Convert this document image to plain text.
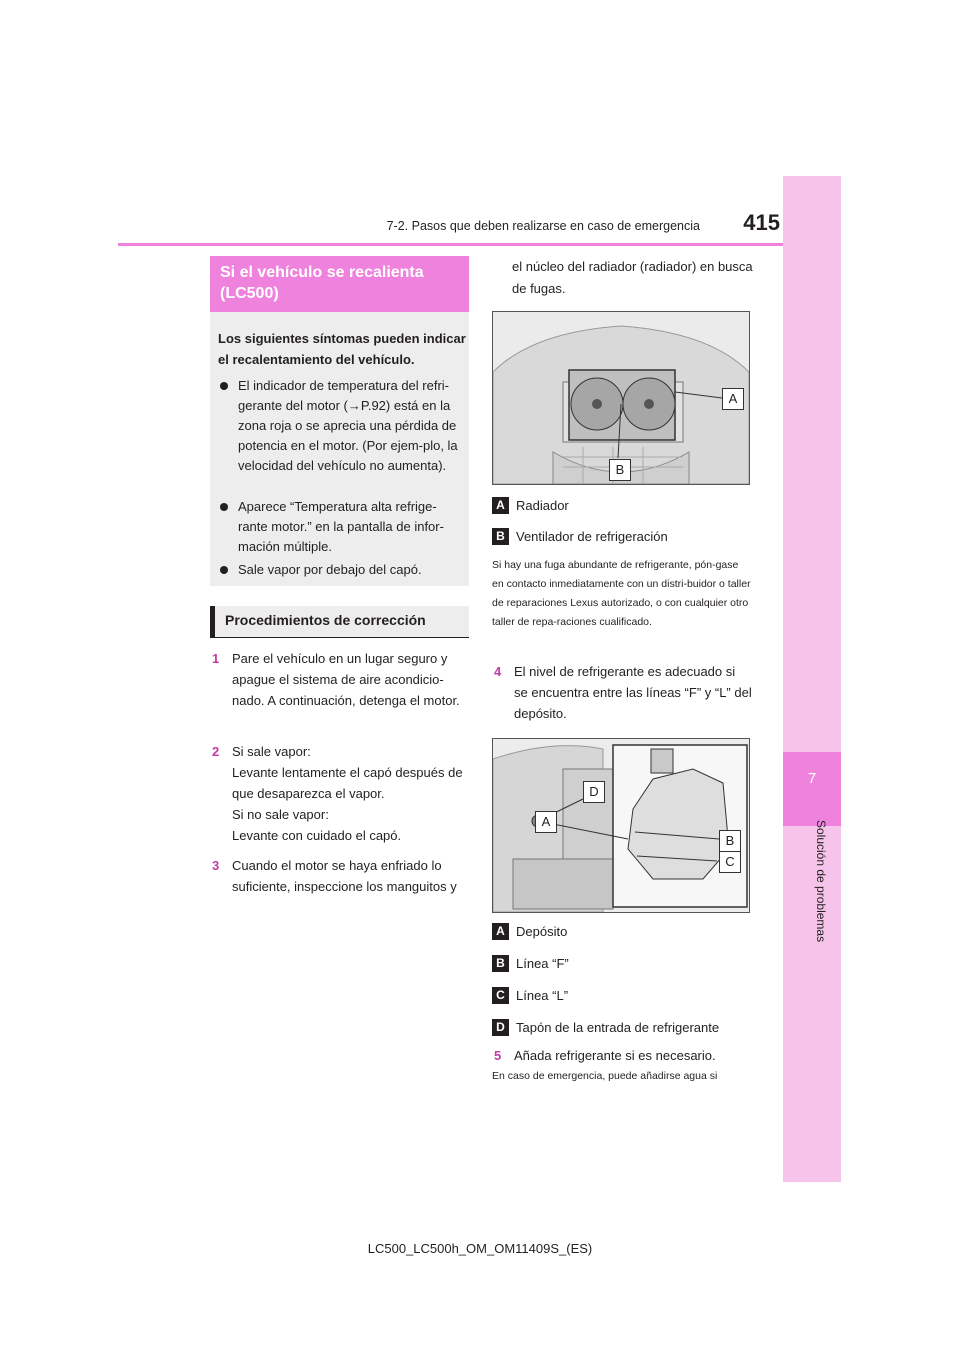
7-2. Pasos que deben realizarse en caso de emergencia	415
7
Solución de problemas
Si el vehículo se recalienta (LC500)
Los siguientes síntomas pueden indicar el recalentamiento del vehículo.
El indicador de temperatura del refri-gerante del motor (→P.92) está en la zona roja o se aprecia una pérdida de potencia en el motor. (Por ejem-plo, la velocidad del vehículo no aumenta).
Aparece “Temperatura alta refrige-rante motor.” en la pantalla de infor-mación múltiple.
Sale vapor por debajo del capó.
Procedimientos de corrección
1 Pare el vehículo en un lugar seguro y apague el sistema de aire acondicio-nado. A continuación, detenga el motor.
2 Si sale vapor:
Levante lentamente el capó después de que desaparezca el vapor.
Si no sale vapor:
Levante con cuidado el capó.
3 Cuando el motor se haya enfriado lo suficiente, inspeccione los manguitos y
el núcleo del radiador (radiador) en busca de fugas.
A
B
A Radiador
B Ventilador de refrigeración
Si hay una fuga abundante de refrigerante, pón-gase en contacto inmediatamente con un distri-buidor o taller de reparaciones Lexus autorizado, o con cualquier otro taller de repa-raciones cualificado.
4 El nivel de refrigerante es adecuado si se encuentra entre las líneas “F” y “L” del depósito.
D
A
B
C
A Depósito
B Línea “F”
C Línea “L”
D Tapón de la entrada de refrigerante
5 Añada refrigerante si es necesario.
En caso de emergencia, puede añadirse agua si
LC500_LC500h_OM_OM11409S_(ES)
